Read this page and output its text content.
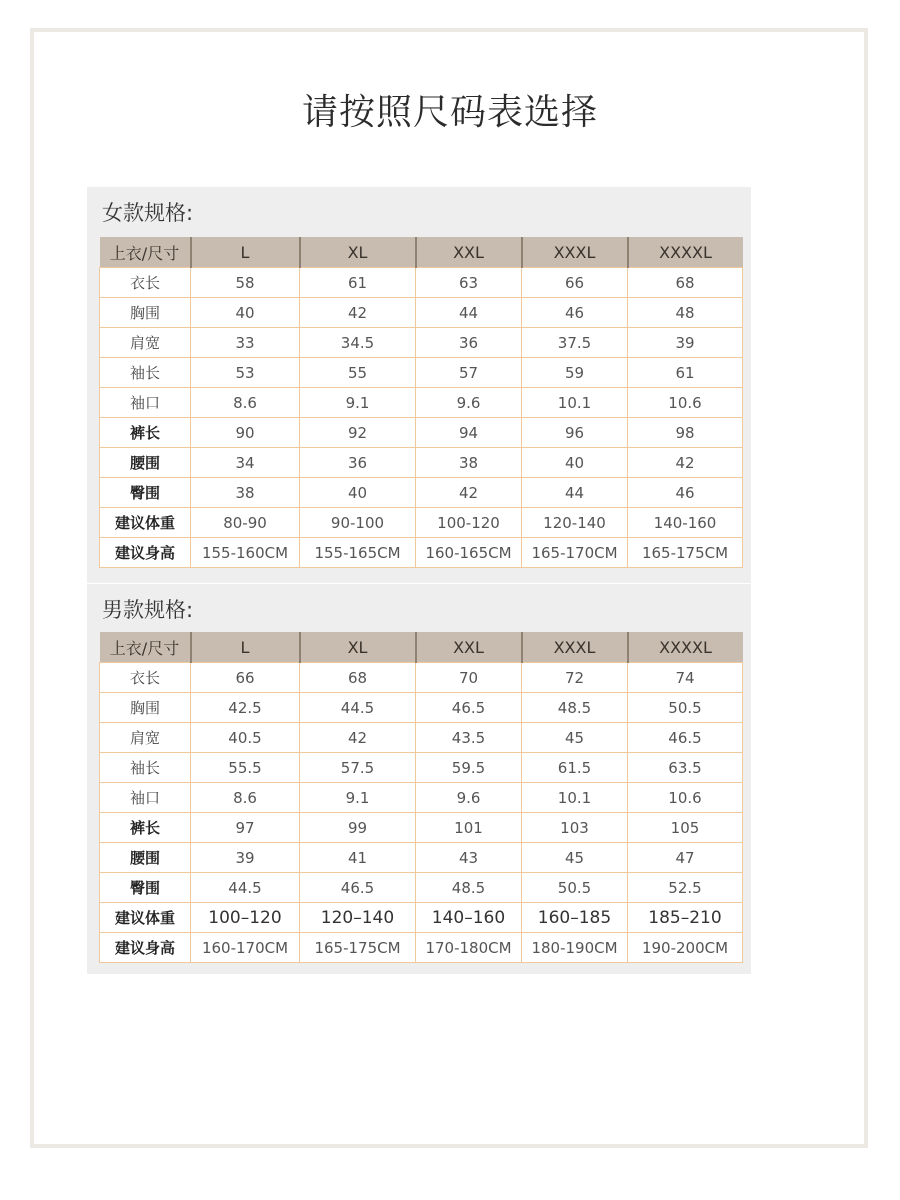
请按照尺码表选择
女款规格:
上衣/尺寸	L	XL	XXL	XXXL	XXXXL
衣长	58	61	63	66	68
胸围	40	42	44	46	48
肩宽	33	34.5	36	37.5	39
袖长	53	55	57	59	61
袖口	8.6	9.1	9.6	10.1	10.6
裤长	90	92	94	96	98
腰围	34	36	38	40	42
臀围	38	40	42	44	46
建议体重	80-90	90-100	100-120	120-140	140-160
建议身高	155-160CM	155-165CM	160-165CM	165-170CM	165-175CM
男款规格:
上衣/尺寸	L	XL	XXL	XXXL	XXXXL
衣长	66	68	70	72	74
胸围	42.5	44.5	46.5	48.5	50.5
肩宽	40.5	42	43.5	45	46.5
袖长	55.5	57.5	59.5	61.5	63.5
袖口	8.6	9.1	9.6	10.1	10.6
裤长	97	99	101	103	105
腰围	39	41	43	45	47
臀围	44.5	46.5	48.5	50.5	52.5
建议体重	100–120	120–140	140–160	160–185	185–210
建议身高	160-170CM	165-175CM	170-180CM	180-190CM	190-200CM
